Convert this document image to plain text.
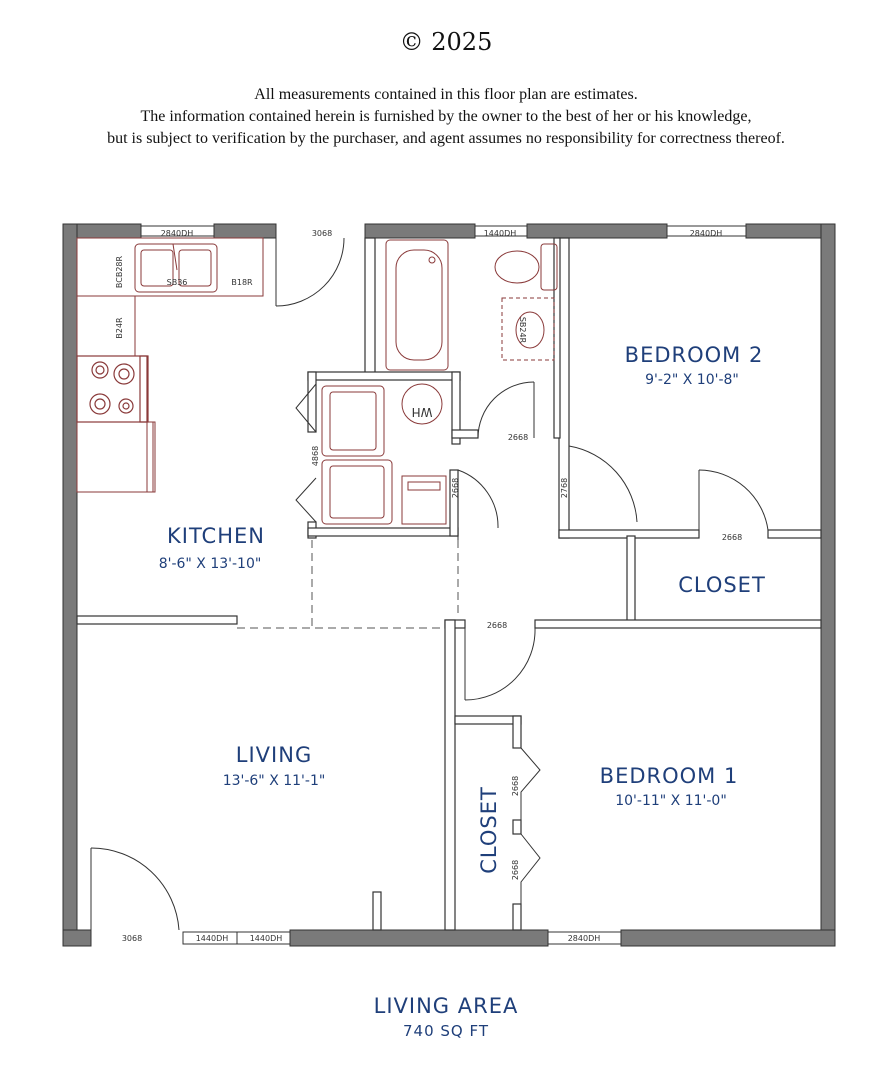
© 2025
All measurements contained in this floor plan are estimates.
The information contained herein is furnished by the owner to the best of her or his knowledge,
but is subject to verification by the purchaser, and agent assumes no responsibility for correctness thereof.
2840DH	3068	1440DH	2840DH
SB36	B18R
BCB28R
B24R	SB24R
WH
4868
2668
2668
2768
2668
2668
2668
2668
3068	1440DH	1440DH	2840DH
KITCHEN
8'-6" X 13'-10"
BEDROOM 2
9'-2" X 10'-8"
CLOSET
LIVING
13'-6" X 11'-1"	BEDROOM 1
10'-11" X 11'-0"
CLOSET
LIVING AREA
740 SQ FT
